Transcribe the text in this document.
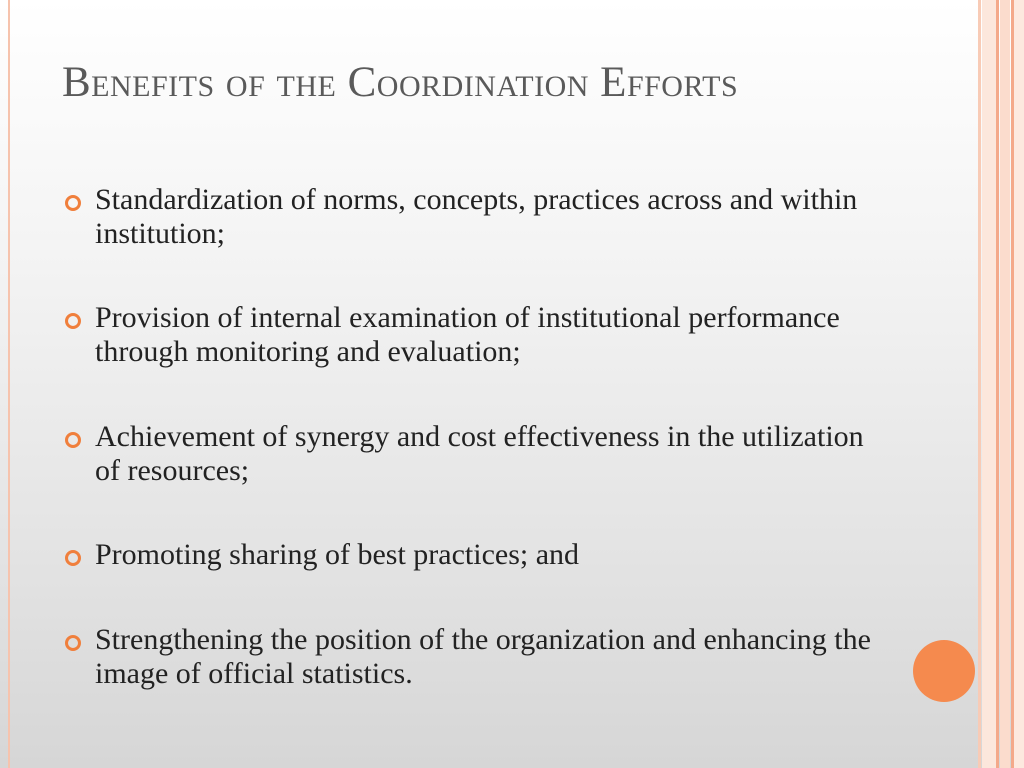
Benefits of the Coordination Efforts
Standardization of norms, concepts, practices across and within institution;
Provision of internal examination of institutional performance through monitoring and evaluation;
Achievement of synergy and cost effectiveness in the utilization of resources;
Promoting sharing of best practices; and
Strengthening the position of the organization and enhancing the image of official statistics.
